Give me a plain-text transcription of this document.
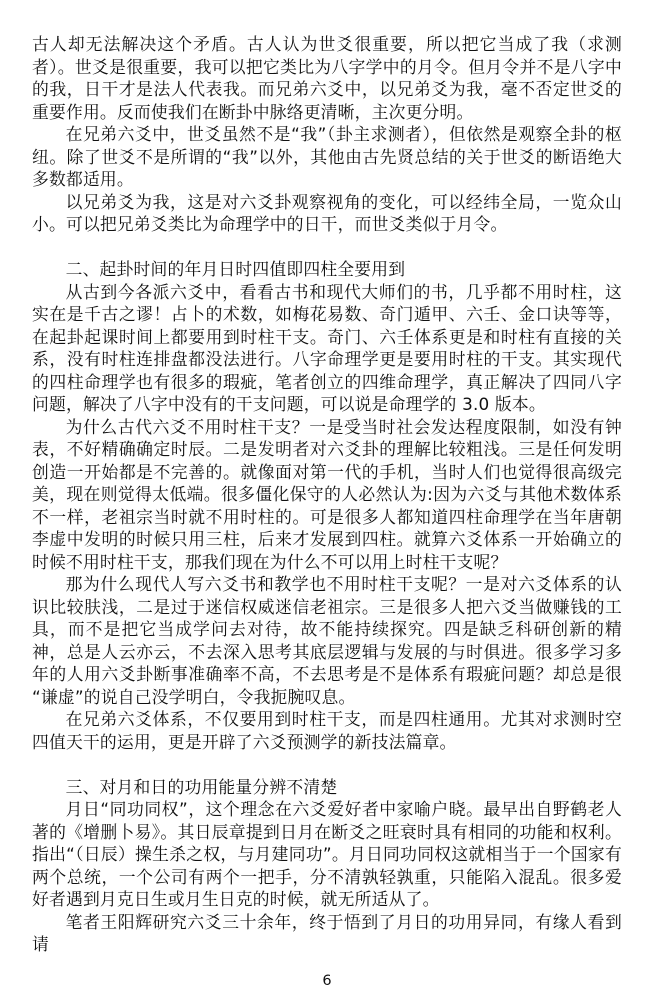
古人却无法解决这个矛盾。古人认为世爻很重要，所以把它当成了我（求测者）。世爻是很重要，我可以把它类比为八字学中的月令。但月令并不是八字中的我，日干才是法人代表我。而兄弟六爻中，以兄弟爻为我，毫不否定世爻的重要作用。反而使我们在断卦中脉络更清晰，主次更分明。

在兄弟六爻中，世爻虽然不是“我”（卦主求测者），但依然是观察全卦的枢纽。除了世爻不是所谓的“我”以外，其他由古先贤总结的关于世爻的断语绝大多数都适用。

以兄弟爻为我，这是对六爻卦观察视角的变化，可以经纬全局，一览众山小。可以把兄弟爻类比为命理学中的日干，而世爻类似于月令。

二、起卦时间的年月日时四值即四柱全要用到

从古到今各派六爻中，看看古书和现代大师们的书，几乎都不用时柱，这实在是千古之谬！占卜的术数，如梅花易数、奇门遁甲、六壬、金口诀等等，在起卦起课时间上都要用到时柱干支。奇门、六壬体系更是和时柱有直接的关系，没有时柱连排盘都没法进行。八字命理学更是要用时柱的干支。其实现代的四柱命理学也有很多的瑕疵，笔者创立的四维命理学，真正解决了四同八字问题，解决了八字中没有的干支问题，可以说是命理学的 3.0 版本。

为什么古代六爻不用时柱干支？一是受当时社会发达程度限制，如没有钟表，不好精确确定时辰。二是发明者对六爻卦的理解比较粗浅。三是任何发明创造一开始都是不完善的。就像面对第一代的手机，当时人们也觉得很高级完美，现在则觉得太低端。很多僵化保守的人必然认为:因为六爻与其他术数体系不一样，老祖宗当时就不用时柱的。可是很多人都知道四柱命理学在当年唐朝李虚中发明的时候只用三柱，后来才发展到四柱。就算六爻体系一开始确立的时候不用时柱干支，那我们现在为什么不可以用上时柱干支呢？

那为什么现代人写六爻书和教学也不用时柱干支呢？一是对六爻体系的认识比较肤浅，二是过于迷信权威迷信老祖宗。三是很多人把六爻当做赚钱的工具，而不是把它当成学问去对待，故不能持续探究。四是缺乏科研创新的精神，总是人云亦云，不去深入思考其底层逻辑与发展的与时俱进。很多学习多年的人用六爻卦断事准确率不高，不去思考是不是体系有瑕疵问题？却总是很“谦虚”的说自己没学明白，令我扼腕叹息。

在兄弟六爻体系，不仅要用到时柱干支，而是四柱通用。尤其对求测时空四值天干的运用，更是开辟了六爻预测学的新技法篇章。

三、对月和日的功用能量分辨不清楚

月日“同功同权”，这个理念在六爻爱好者中家喻户晓。最早出自野鹤老人著的《增删卜易》。其日辰章提到日月在断爻之旺衰时具有相同的功能和权利。指出“（日辰）操生杀之权，与月建同功”。月日同功同权这就相当于一个国家有两个总统，一个公司有两个一把手，分不清孰轻孰重，只能陷入混乱。很多爱好者遇到月克日生或月生日克的时候，就无所适从了。

笔者王阳辉研究六爻三十余年，终于悟到了月日的功用异同，有缘人看到请

6
